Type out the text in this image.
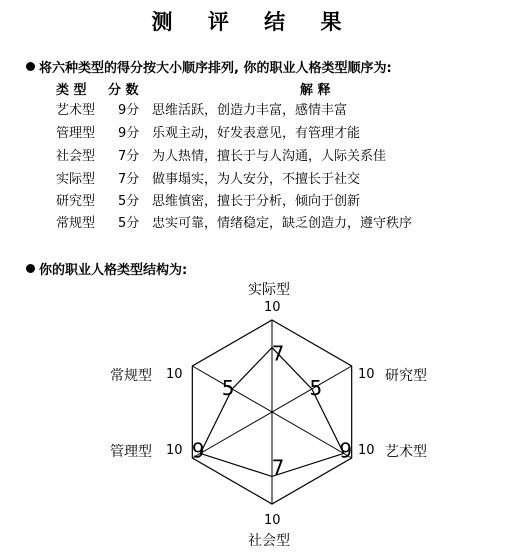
测 评 结 果
将六种类型的得分按大小顺序排列, 你的职业人格类型顺序为:
类 型 分 数	解 释
艺术型 9分 思维活跃，创造力丰富，感情丰富
管理型 9分 乐观主动，好发表意见，有管理才能
社会型 7分 为人热情，擅长于与人沟通，人际关系佳
实际型 7分 做事塌实，为人安分，不擅长于社交
研究型 5分 思维慎密，擅长于分析，倾向于创新
常规型 5分 忠实可靠，情绪稳定，缺乏创造力，遵守秩序
你的职业人格类型结构为:
7
5
9
7
9
5
实际型
10
10 研究型
10 艺术型
10
社会型
管理型 10
常规型 10
